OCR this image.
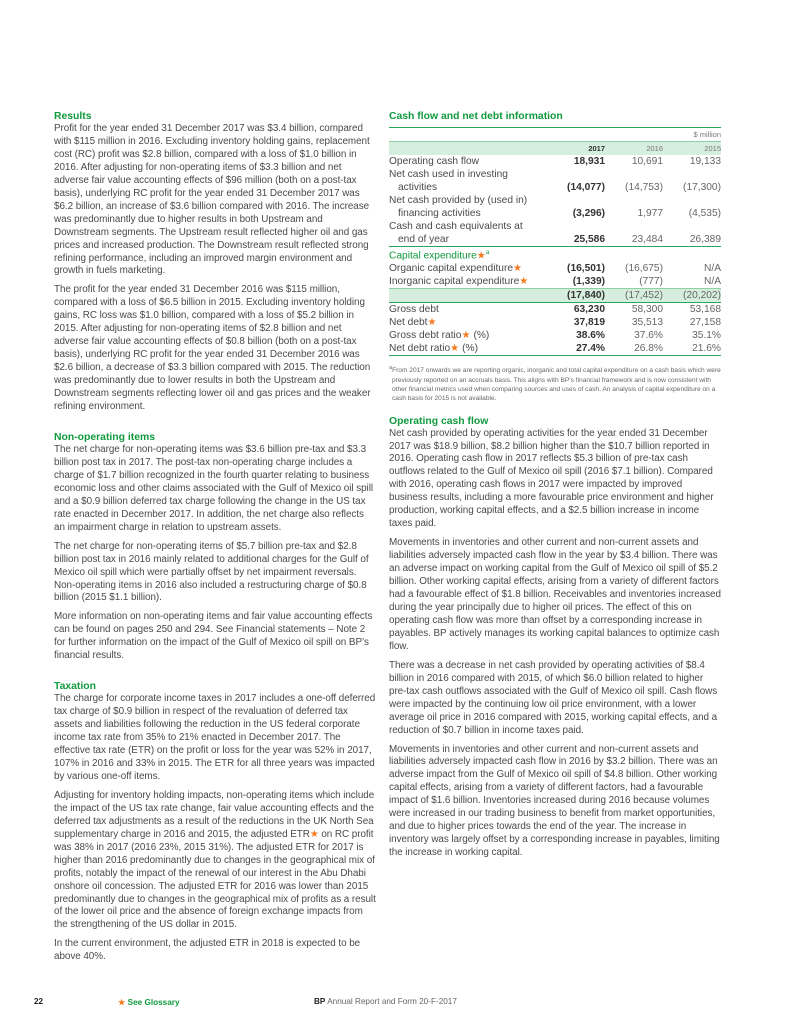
Results

Profit for the year ended 31 December 2017 was $3.4 billion, compared with $115 million in 2016. Excluding inventory holding gains, replacement cost (RC) profit was $2.8 billion, compared with a loss of $1.0 billion in 2016. After adjusting for non-operating items of $3.3 billion and net adverse fair value accounting effects of $96 million (both on a post-tax basis), underlying RC profit for the year ended 31 December 2017 was $6.2 billion, an increase of $3.6 billion compared with 2016. The increase was predominantly due to higher results in both Upstream and Downstream segments. The Upstream result reflected higher oil and gas prices and increased production. The Downstream result reflected strong refining performance, including an improved margin environment and growth in fuels marketing.

The profit for the year ended 31 December 2016 was $115 million, compared with a loss of $6.5 billion in 2015. Excluding inventory holding gains, RC loss was $1.0 billion, compared with a loss of $5.2 billion in 2015. After adjusting for non-operating items of $2.8 billion and net adverse fair value accounting effects of $0.8 billion (both on a post-tax basis), underlying RC profit for the year ended 31 December 2016 was $2.6 billion, a decrease of $3.3 billion compared with 2015. The reduction was predominantly due to lower results in both the Upstream and Downstream segments reflecting lower oil and gas prices and the weaker refining environment.

Non-operating items

The net charge for non-operating items was $3.6 billion pre-tax and $3.3 billion post tax in 2017. The post-tax non-operating charge includes a charge of $1.7 billion recognized in the fourth quarter relating to business economic loss and other claims associated with the Gulf of Mexico oil spill and a $0.9 billion deferred tax charge following the change in the US tax rate enacted in December 2017. In addition, the net charge also reflects an impairment charge in relation to upstream assets.

The net charge for non-operating items of $5.7 billion pre-tax and $2.8 billion post tax in 2016 mainly related to additional charges for the Gulf of Mexico oil spill which were partially offset by net impairment reversals. Non-operating items in 2016 also included a restructuring charge of $0.8 billion (2015 $1.1 billion).

More information on non-operating items and fair value accounting effects can be found on pages 250 and 294. See Financial statements – Note 2 for further information on the impact of the Gulf of Mexico oil spill on BP’s financial results.

Taxation

The charge for corporate income taxes in 2017 includes a one-off deferred tax charge of $0.9 billion in respect of the revaluation of deferred tax assets and liabilities following the reduction in the US federal corporate income tax rate from 35% to 21% enacted in December 2017. The effective tax rate (ETR) on the profit or loss for the year was 52% in 2017, 107% in 2016 and 33% in 2015. The ETR for all three years was impacted by various one-off items.

Adjusting for inventory holding impacts, non-operating items which include the impact of the US tax rate change, fair value accounting effects and the deferred tax adjustments as a result of the reductions in the UK North Sea supplementary charge in 2016 and 2015, the adjusted ETR★ on RC profit was 38% in 2017 (2016 23%, 2015 31%). The adjusted ETR for 2017 is higher than 2016 predominantly due to changes in the geographical mix of profits, notably the impact of the renewal of our interest in the Abu Dhabi onshore oil concession. The adjusted ETR for 2016 was lower than 2015 predominantly due to changes in the geographical mix of profits as a result of the lower oil price and the absence of foreign exchange impacts from the strengthening of the US dollar in 2015.

In the current environment, the adjusted ETR in 2018 is expected to be above 40%.

Cash flow and net debt information
			$ million
	2017	2016	2015
Operating cash flow	18,931	10,691	19,133

Net cash used in investing
activities	(14,077)	(14,753)	(17,300)

Net cash provided by (used in)
financing activities	(3,296)	1,977	(4,535)

Cash and cash equivalents at
end of year	25,586	23,484	26,389
Capital expenditure★$^a$
Organic capital expenditure★	(16,501)	(16,675)	N/A
Inorganic capital expenditure★	(1,339)	(777)	N/A
	(17,840)	(17,452)	(20,202)
Gross debt	63,230	58,300	53,168
Net debt★	37,819	35,513	27,158
Gross debt ratio★ (%)	38.6%	37.6%	35.1%
Net debt ratio★ (%)	27.4%	26.8%	21.6%

$^a$From 2017 onwards we are reporting organic, inorganic and total capital expenditure on a cash basis which were previously reported on an accruals basis. This aligns with BP’s financial framework and is now consistent with other financial metrics used when comparing sources and uses of cash. An analysis of capital expenditure on a cash basis for 2015 is not available.

Operating cash flow

Net cash provided by operating activities for the year ended 31 December 2017 was $18.9 billion, $8.2 billion higher than the $10.7 billion reported in 2016. Operating cash flow in 2017 reflects $5.3 billion of pre-tax cash outflows related to the Gulf of Mexico oil spill (2016 $7.1 billion). Compared with 2016, operating cash flows in 2017 were impacted by improved business results, including a more favourable price environment and higher production, working capital effects, and a $2.5 billion increase in income taxes paid.

Movements in inventories and other current and non-current assets and liabilities adversely impacted cash flow in the year by $3.4 billion. There was an adverse impact on working capital from the Gulf of Mexico oil spill of $5.2 billion. Other working capital effects, arising from a variety of different factors had a favourable effect of $1.8 billion. Receivables and inventories increased during the year principally due to higher oil prices. The effect of this on operating cash flow was more than offset by a corresponding increase in payables. BP actively manages its working capital balances to optimize cash flow.

There was a decrease in net cash provided by operating activities of $8.4 billion in 2016 compared with 2015, of which $6.0 billion related to higher pre-tax cash outflows associated with the Gulf of Mexico oil spill. Cash flows were impacted by the continuing low oil price environment, with a lower average oil price in 2016 compared with 2015, working capital effects, and a reduction of $0.7 billion in income taxes paid.

Movements in inventories and other current and non-current assets and liabilities adversely impacted cash flow in 2016 by $3.2 billion. There was an adverse impact from the Gulf of Mexico oil spill of $4.8 billion. Other working capital effects, arising from a variety of different factors, had a favourable impact of $1.6 billion. Inventories increased during 2016 because volumes were increased in our trading business to benefit from market opportunities, and due to higher prices towards the end of the year. The increase in inventory was largely offset by a corresponding increase in payables, limiting the increase in working capital.

22	★ See Glossary	BP Annual Report and Form 20-F-2017
